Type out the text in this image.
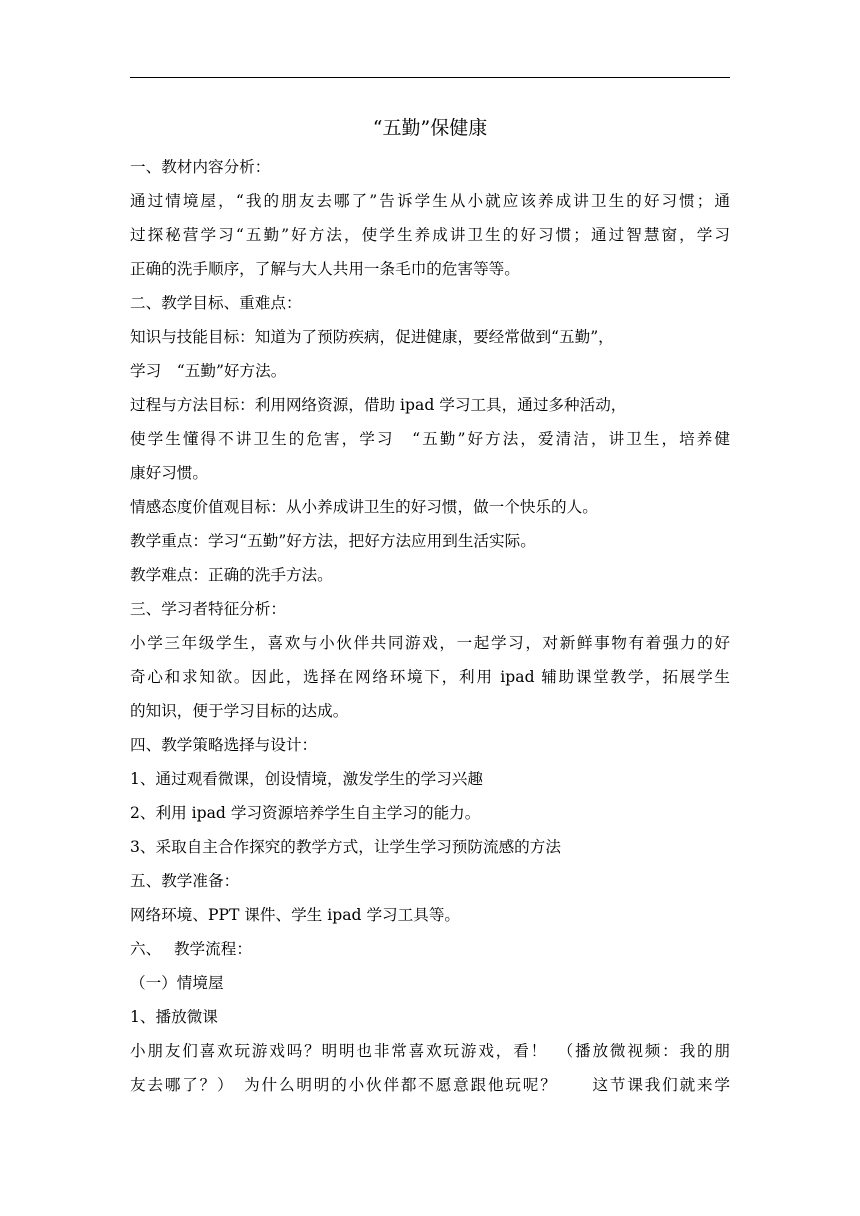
“五勤”保健康

一、教材内容分析：

通过情境屋，“我的朋友去哪了”告诉学生从小就应该养成讲卫生的好习惯；通

过探秘营学习“五勤”好方法，使学生养成讲卫生的好习惯；通过智慧窗，学习

正确的洗手顺序，了解与大人共用一条毛巾的危害等等。

二、教学目标、重难点：

知识与技能目标：知道为了预防疾病，促进健康，要经常做到“五勤”，

学习　“五勤”好方法。

过程与方法目标：利用网络资源，借助 ipad 学习工具，通过多种活动，

使学生懂得不讲卫生的危害，学习　“五勤”好方法，爱清洁，讲卫生，培养健

康好习惯。

情感态度价值观目标：从小养成讲卫生的好习惯，做一个快乐的人。

教学重点：学习“五勤”好方法，把好方法应用到生活实际。

教学难点：正确的洗手方法。

三、学习者特征分析：

小学三年级学生，喜欢与小伙伴共同游戏，一起学习，对新鲜事物有着强力的好

奇心和求知欲。因此，选择在网络环境下，利用 ipad 辅助课堂教学，拓展学生

的知识，便于学习目标的达成。

四、教学策略选择与设计：

1、通过观看微课，创设情境，激发学生的学习兴趣

2、利用 ipad 学习资源培养学生自主学习的能力。

3、采取自主合作探究的教学方式，让学生学习预防流感的方法

五、教学准备：

网络环境、PPT 课件、学生 ipad 学习工具等。

六、　 教学流程：

（一）情境屋

1、播放微课

小朋友们喜欢玩游戏吗？明明也非常喜欢玩游戏，看！　（播放微视频：我的朋

友去哪了？）　为什么明明的小伙伴都不愿意跟他玩呢？　　这节课我们就来学
